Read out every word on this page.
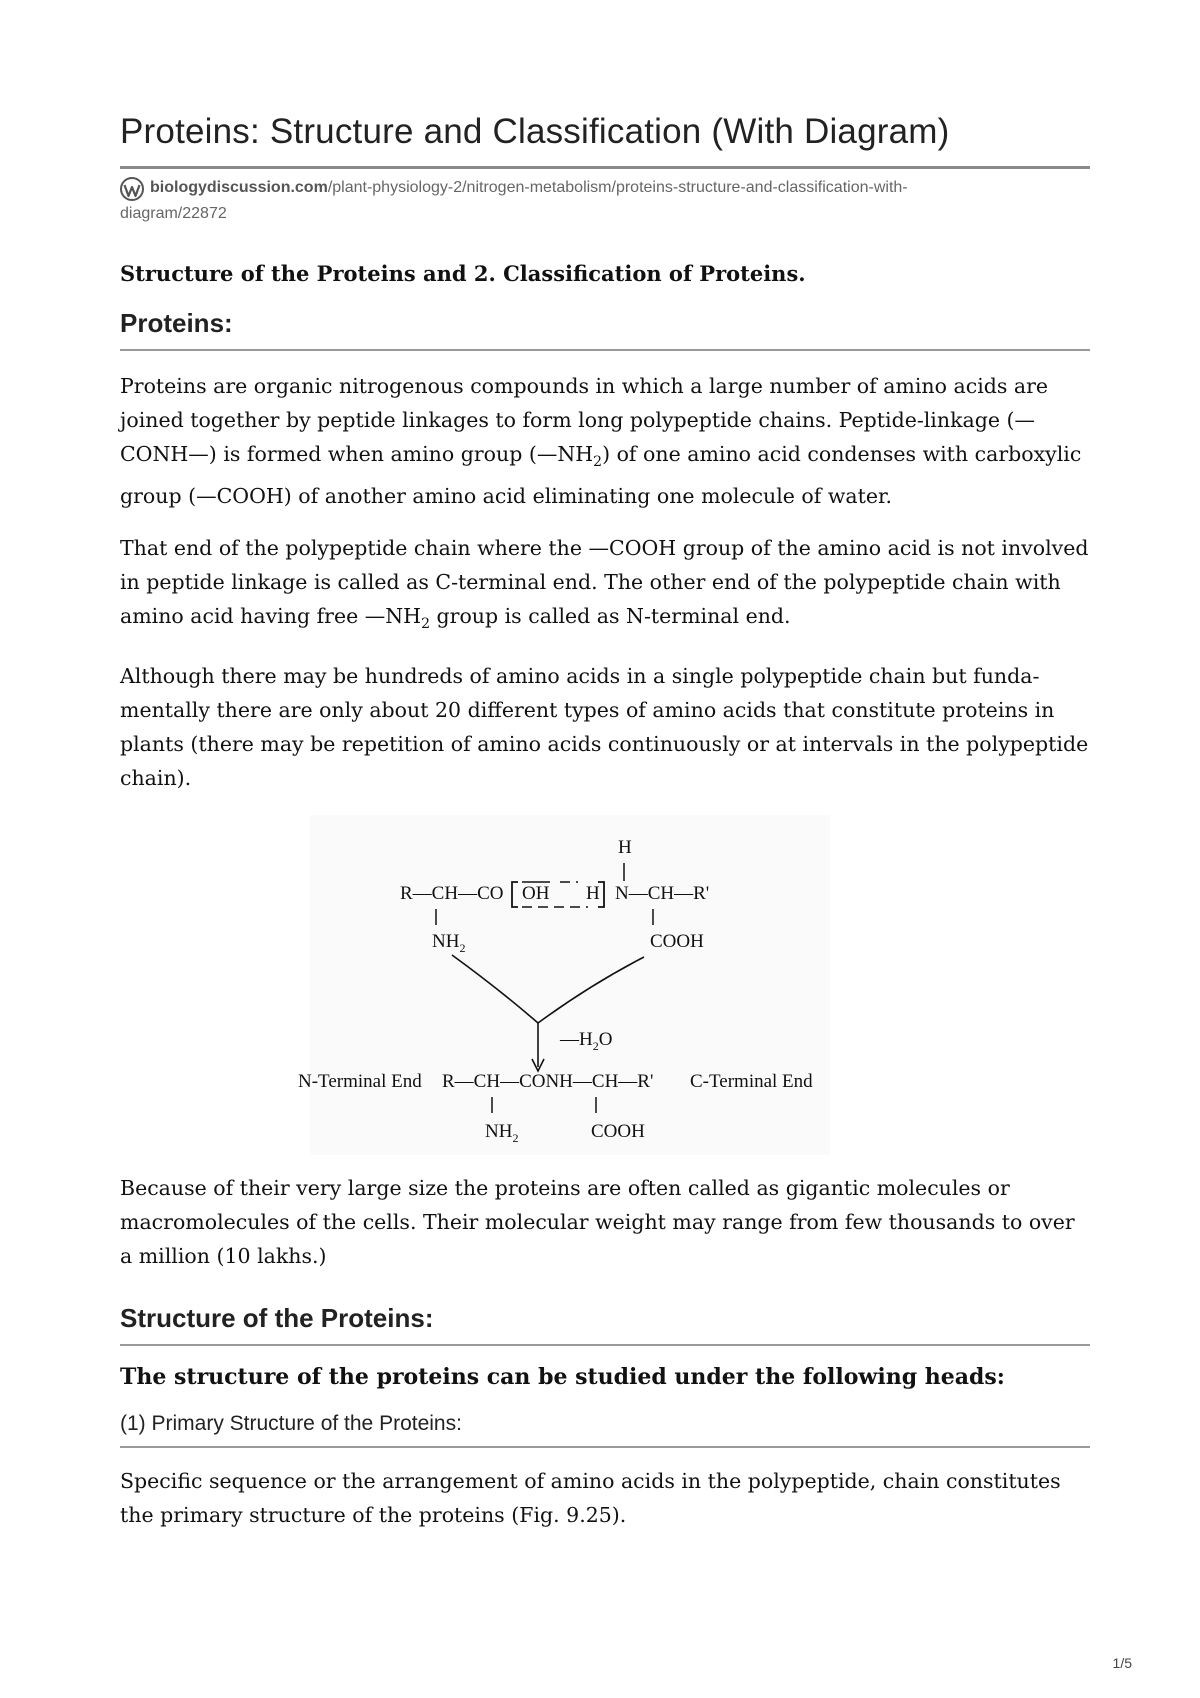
Proteins: Structure and Classification (With Diagram)
biologydiscussion.com/plant-physiology-2/nitrogen-metabolism/proteins-structure-and-classification-with-
diagram/22872

Structure of the Proteins and 2. Classification of Proteins.

Proteins:

Proteins are organic nitrogenous compounds in which a large number of amino acids are joined together by peptide linkages to form long polypeptide chains. Peptide-linkage (—CONH—) is formed when amino group $(—NH_2)$ of one amino acid condenses with carboxylic group (—COOH) of another amino acid eliminating one molecule of water.

That end of the polypeptide chain where the —COOH group of the amino acid is not involved in peptide linkage is called as C-terminal end. The other end of the polypeptide chain with amino acid having free $—NH_2$ group is called as N-terminal end.

Although there may be hundreds of amino acids in a single polypeptide chain but fundamentally there are only about 20 different types of amino acids that constitute proteins in plants (there may be repetition of amino acids continuously or at intervals in the polypeptide chain).

H
R—CH—CO OH H N—CH—R'
$NH_2$	COOH
$—H_2O$
N-Terminal End R—CH—CONH—CH—R' C-Terminal End
$NH_2$	COOH

Because of their very large size the proteins are often called as gigantic molecules or macromolecules of the cells. Their molecular weight may range from few thousands to over a million (10 lakhs.)

Structure of the Proteins:

The structure of the proteins can be studied under the following heads:

(1) Primary Structure of the Proteins:

Specific sequence or the arrangement of amino acids in the polypeptide, chain constitutes the primary structure of the proteins (Fig. 9.25).

1/5
